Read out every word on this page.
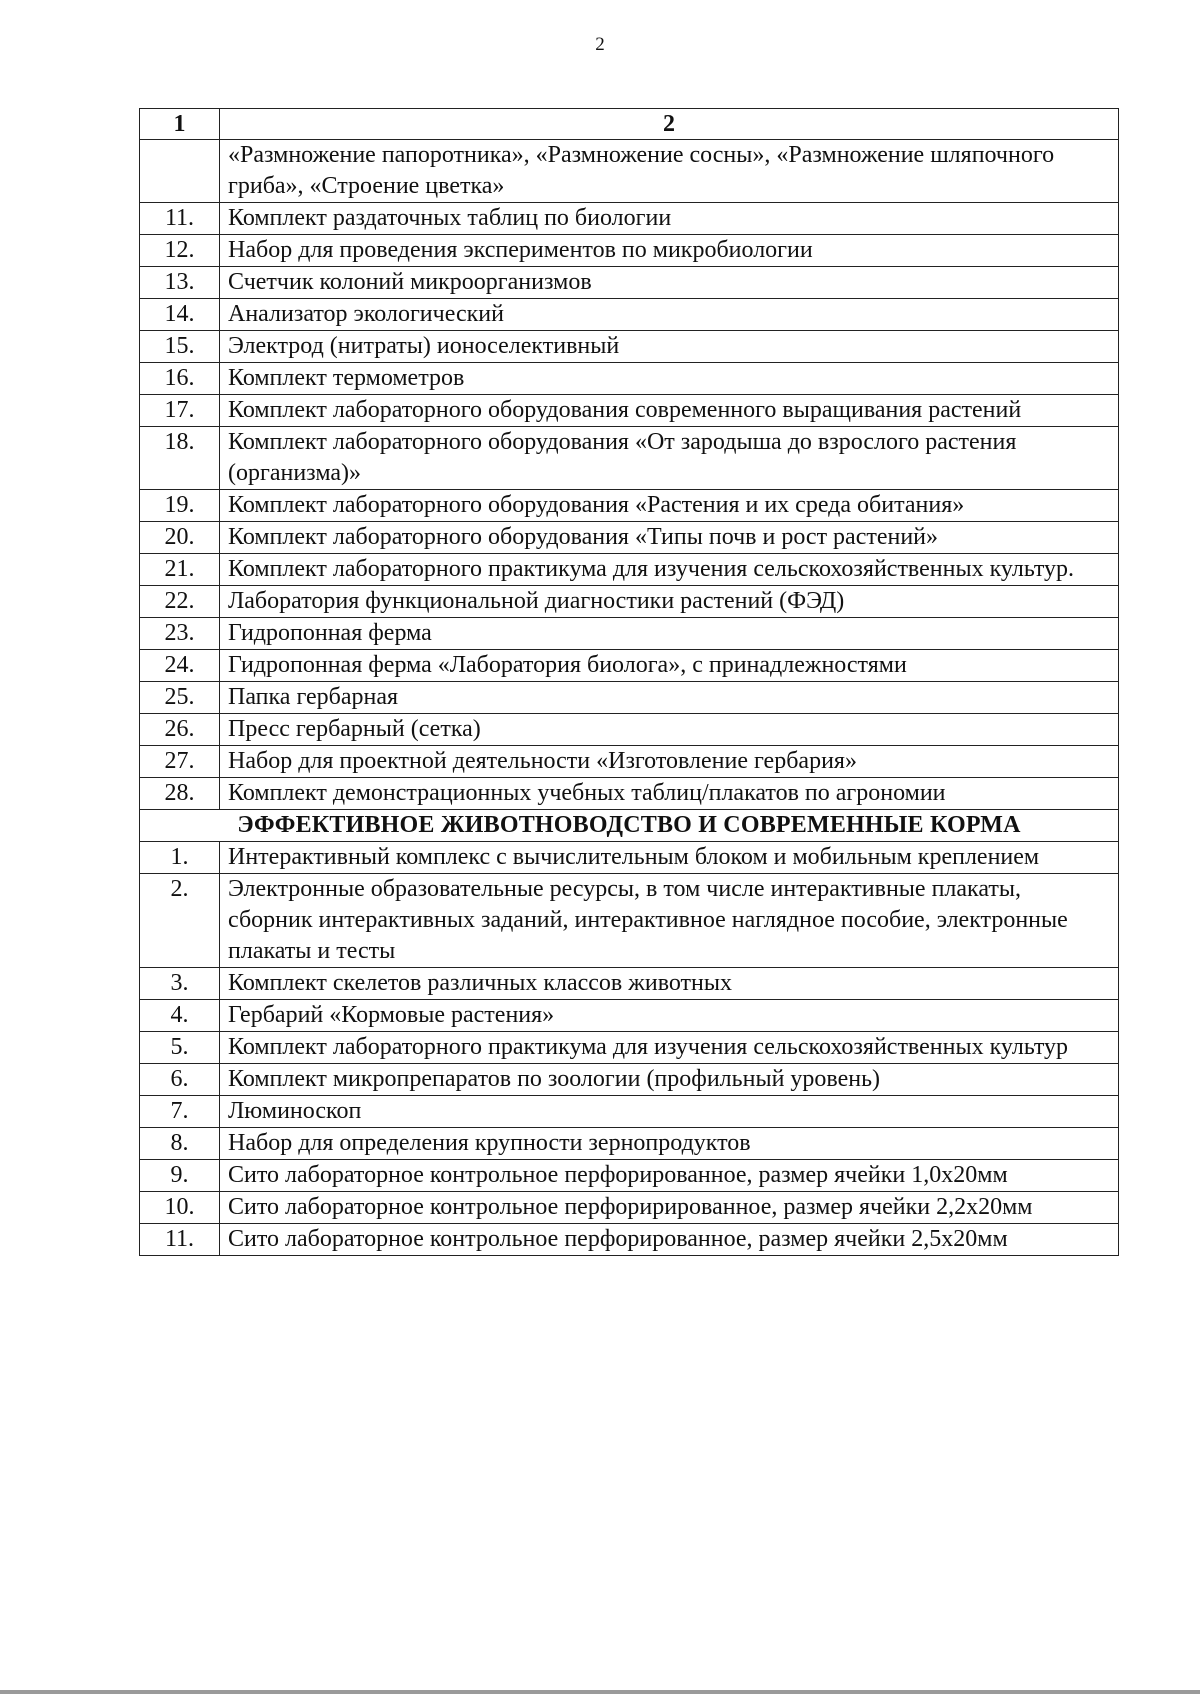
2
1	2
	«Размножение папоротника», «Размножение сосны», «Размножение шляпочного гриба», «Строение цветка»
11.	Комплект раздаточных таблиц по биологии
12.	Набор для проведения экспериментов по микробиологии
13.	Счетчик колоний микроорганизмов
14.	Анализатор экологический
15.	Электрод (нитраты) ионоселективный
16.	Комплект термометров
17.	Комплект лабораторного оборудования современного выращивания растений
18.	Комплект лабораторного оборудования «От зародыша до взрослого растения (организма)»
19.	Комплект лабораторного оборудования «Растения и их среда обитания»
20.	Комплект лабораторного оборудования «Типы почв и рост растений»
21.	Комплект лабораторного практикума для изучения сельскохозяйственных культур.
22.	Лаборатория функциональной диагностики растений (ФЭД)
23.	Гидропонная ферма
24.	Гидропонная ферма «Лаборатория биолога», с принадлежностями
25.	Папка гербарная
26.	Пресс гербарный (сетка)
27.	Набор для проектной деятельности «Изготовление гербария»
28.	Комплект демонстрационных учебных таблиц/плакатов по агрономии
ЭФФЕКТИВНОЕ ЖИВОТНОВОДСТВО И СОВРЕМЕННЫЕ КОРМА	
1.	Интерактивный комплекс с вычислительным блоком и мобильным креплением
2.	Электронные образовательные ресурсы, в том числе интерактивные плакаты, сборник интерактивных заданий, интерактивное наглядное пособие, электронные плакаты и тесты
3.	Комплект скелетов различных классов животных
4.	Гербарий «Кормовые растения»
5.	Комплект лабораторного практикума для изучения сельскохозяйственных культур
6.	Комплект микропрепаратов по зоологии (профильный уровень)
7.	Люминоскоп
8.	Набор для определения крупности зернопродуктов
9.	Сито лабораторное контрольное перфорированное, размер ячейки 1,0х20мм
10.	Сито лабораторное контрольное перфорирированное, размер ячейки 2,2х20мм
11.	Сито лабораторное контрольное перфорированное, размер ячейки 2,5х20мм
